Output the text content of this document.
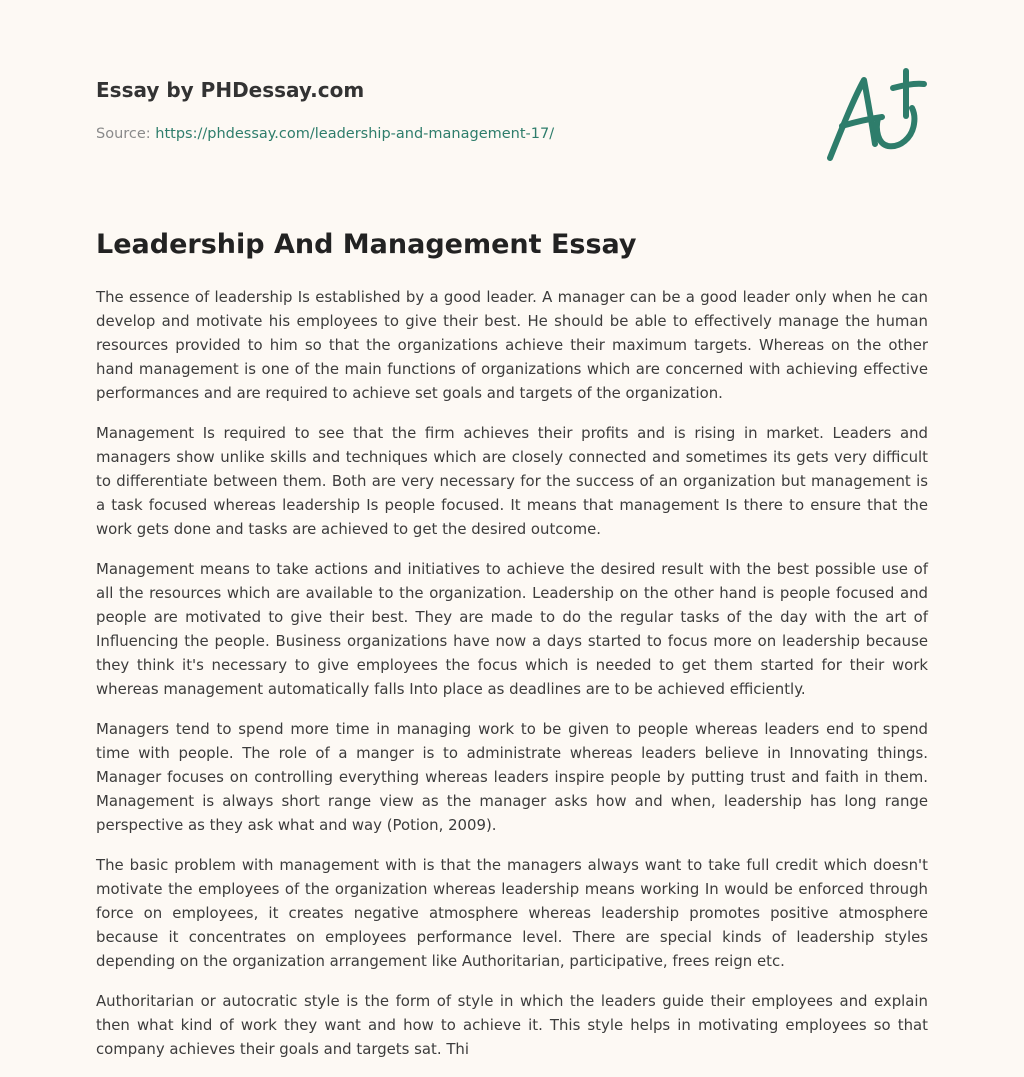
Essay by PHDessay.com
Source: https://phdessay.com/leadership-and-management-17/
Leadership And Management Essay

The essence of leadership Is established by a good leader. A manager can be a good leader only when he can develop and motivate his employees to give their best. He should be able to effectively manage the human resources provided to him so that the organizations achieve their maximum targets. Whereas on the other hand management is one of the main functions of organizations which are concerned with achieving effective performances and are required to achieve set goals and targets of the organization.

Management Is required to see that the firm achieves their profits and is rising in market. Leaders and managers show unlike skills and techniques which are closely connected and sometimes its gets very difficult to differentiate between them. Both are very necessary for the success of an organization but management is a task focused whereas leadership Is people focused. It means that management Is there to ensure that the work gets done and tasks are achieved to get the desired outcome.

Management means to take actions and initiatives to achieve the desired result with the best possible use of all the resources which are available to the organization. Leadership on the other hand is people focused and people are motivated to give their best. They are made to do the regular tasks of the day with the art of Influencing the people. Business organizations have now a days started to focus more on leadership because they think it's necessary to give employees the focus which is needed to get them started for their work whereas management automatically falls Into place as deadlines are to be achieved efficiently.

Managers tend to spend more time in managing work to be given to people whereas leaders end to spend time with people. The role of a manger is to administrate whereas leaders believe in Innovating things. Manager focuses on controlling everything whereas leaders inspire people by putting trust and faith in them. Management is always short range view as the manager asks how and when, leadership has long range perspective as they ask what and way (Potion, 2009).

The basic problem with management with is that the managers always want to take full credit which doesn't motivate the employees of the organization whereas leadership means working In would be enforced through force on employees, it creates negative atmosphere whereas leadership promotes positive atmosphere because it concentrates on employees performance level. There are special kinds of leadership styles depending on the organization arrangement like Authoritarian, participative, frees reign etc.

Authoritarian or autocratic style is the form of style in which the leaders guide their employees and explain then what kind of work they want and how to achieve it. This style helps in motivating employees so that company achieves their goals and targets sat. Thi
